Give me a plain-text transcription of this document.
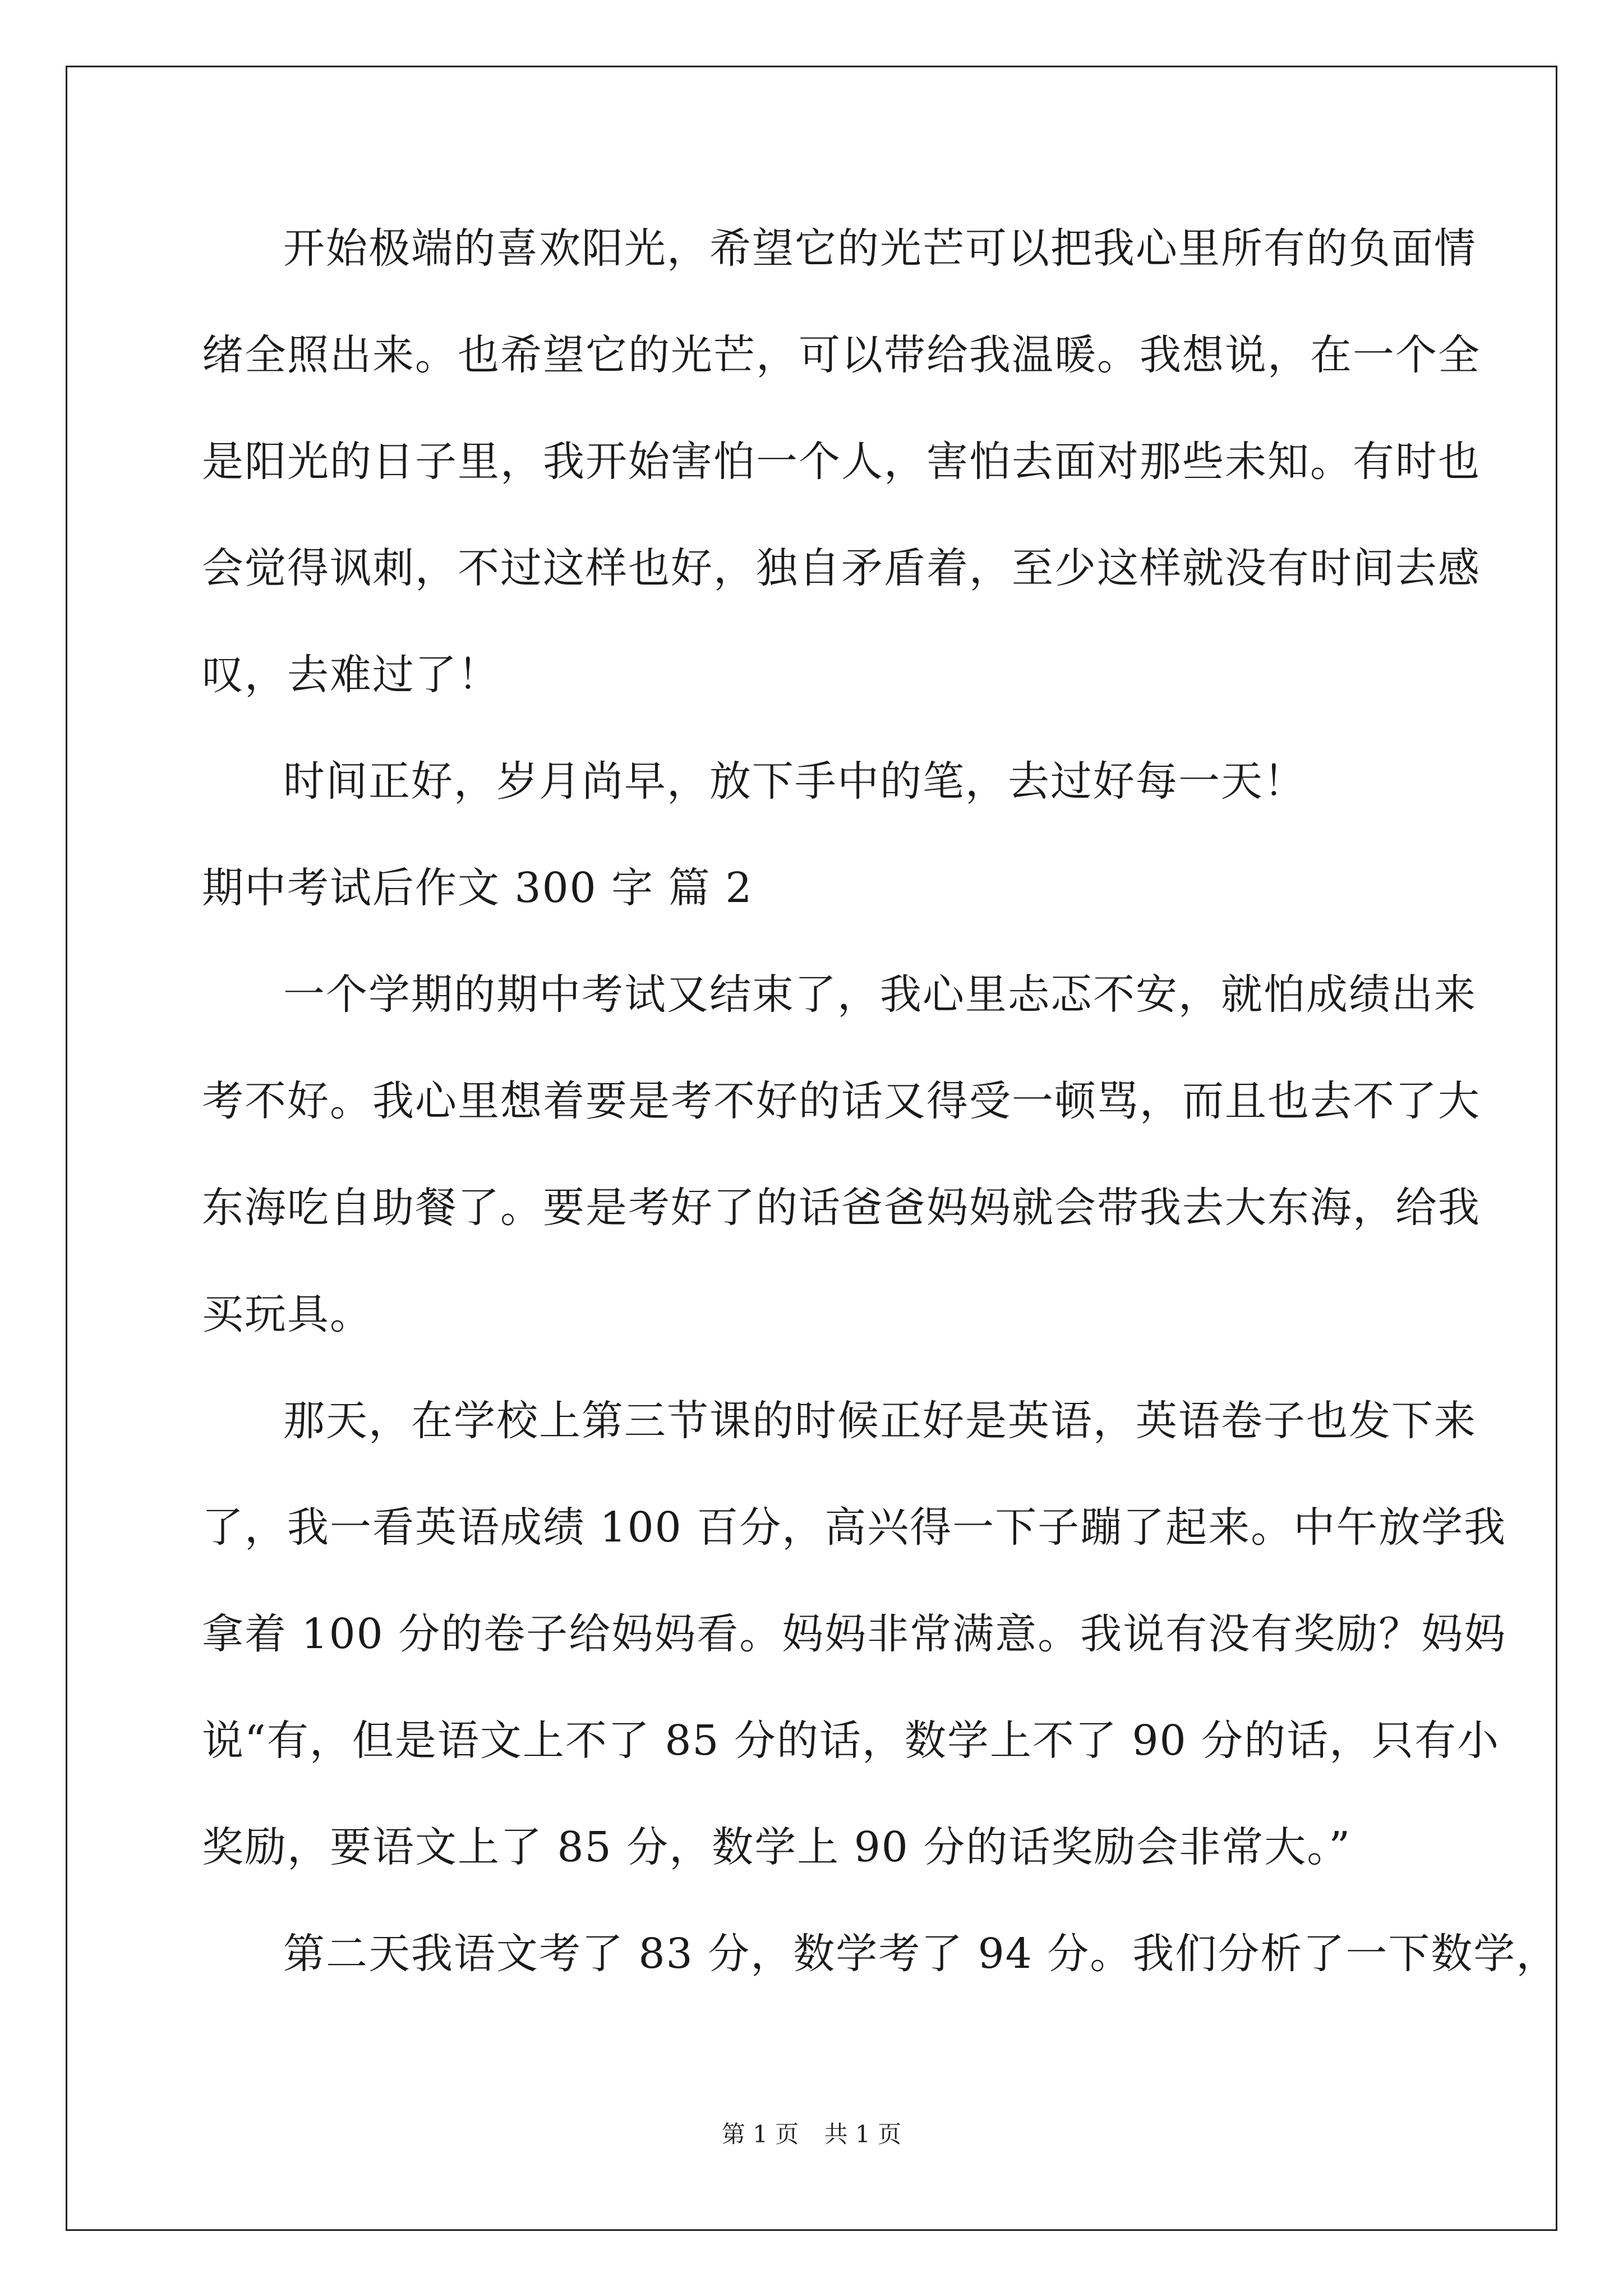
开始极端的喜欢阳光，希望它的光芒可以把我心里所有的负面情
绪全照出来。也希望它的光芒，可以带给我温暖。我想说，在一个全
是阳光的日子里，我开始害怕一个人，害怕去面对那些未知。有时也
会觉得讽刺，不过这样也好，独自矛盾着，至少这样就没有时间去感
叹，去难过了！
时间正好，岁月尚早，放下手中的笔，去过好每一天！
期中考试后作文 300 字 篇 2
一个学期的期中考试又结束了，我心里忐忑不安，就怕成绩出来
考不好。我心里想着要是考不好的话又得受一顿骂，而且也去不了大
东海吃自助餐了。要是考好了的话爸爸妈妈就会带我去大东海，给我
买玩具。
那天，在学校上第三节课的时候正好是英语，英语卷子也发下来
了，我一看英语成绩 100 百分，高兴得一下子蹦了起来。中午放学我
拿着 100 分的卷子给妈妈看。妈妈非常满意。我说有没有奖励？妈妈
说“有，但是语文上不了 85 分的话，数学上不了 90 分的话，只有小
奖励，要语文上了 85 分，数学上 90 分的话奖励会非常大。”
第二天我语文考了 83 分，数学考了 94 分。我们分析了一下数学，
第 1 页 共 1 页
